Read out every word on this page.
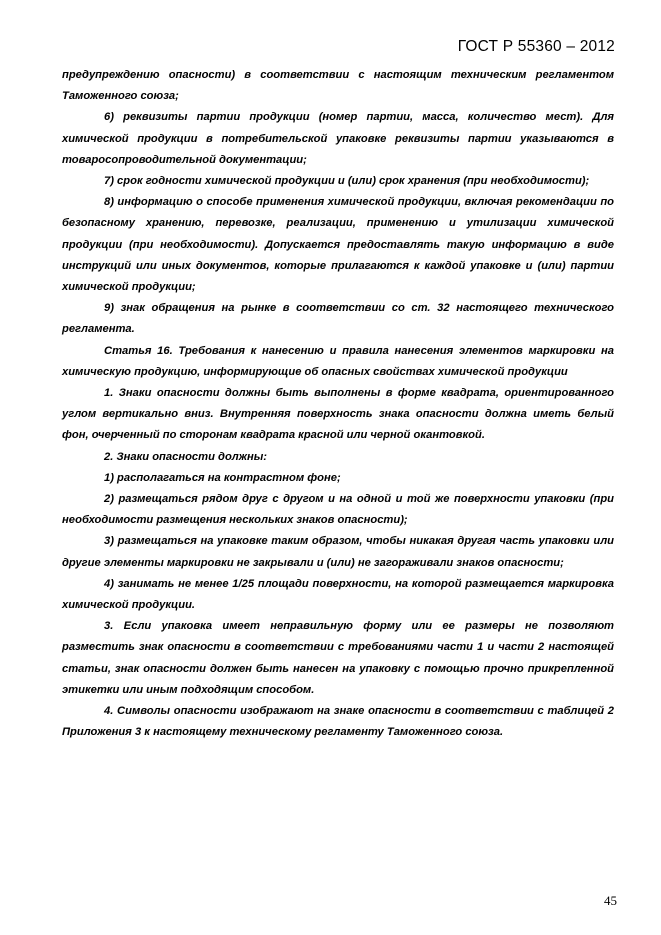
ГОСТ Р 55360 – 2012

предупреждению опасности) в соответствии с настоящим техническим регламентом Таможенного союза;

6) реквизиты партии продукции (номер партии, масса, количество мест). Для химической продукции в потребительской упаковке реквизиты партии указываются в товаросопроводительной документации;

7) срок годности химической продукции и (или) срок хранения (при необходимости);

8) информацию о способе применения химической продукции, включая рекомендации по безопасному хранению, перевозке, реализации, применению и утилизации химической продукции (при необходимости). Допускается предоставлять такую информацию в виде инструкций или иных документов, которые прилагаются к каждой упаковке и (или) партии химической продукции;

9) знак обращения на рынке в соответствии со ст. 32 настоящего технического регламента.

Статья 16. Требования к нанесению и правила нанесения элементов маркировки на химическую продукцию, информирующие об опасных свойствах химической продукции

1. Знаки опасности должны быть выполнены в форме квадрата, ориентированного углом вертикально вниз. Внутренняя поверхность знака опасности должна иметь белый фон, очерченный по сторонам квадрата красной или черной окантовкой.

2. Знаки опасности должны:

1) располагаться на контрастном фоне;

2) размещаться рядом друг с другом и на одной и той же поверхности упаковки (при необходимости размещения нескольких знаков опасности);

3) размещаться на упаковке таким образом, чтобы никакая другая часть упаковки или другие элементы маркировки не закрывали и (или) не загораживали знаков опасности;

4) занимать не менее 1/25 площади поверхности, на которой размещается маркировка химической продукции.

3. Если упаковка имеет неправильную форму или ее размеры не позволяют разместить знак опасности в соответствии с требованиями части 1 и части 2 настоящей статьи, знак опасности должен быть нанесен на упаковку с помощью прочно прикрепленной этикетки или иным подходящим способом.

4. Символы опасности изображают на знаке опасности в соответствии с таблицей 2 Приложения 3 к настоящему техническому регламенту Таможенного союза.

45
